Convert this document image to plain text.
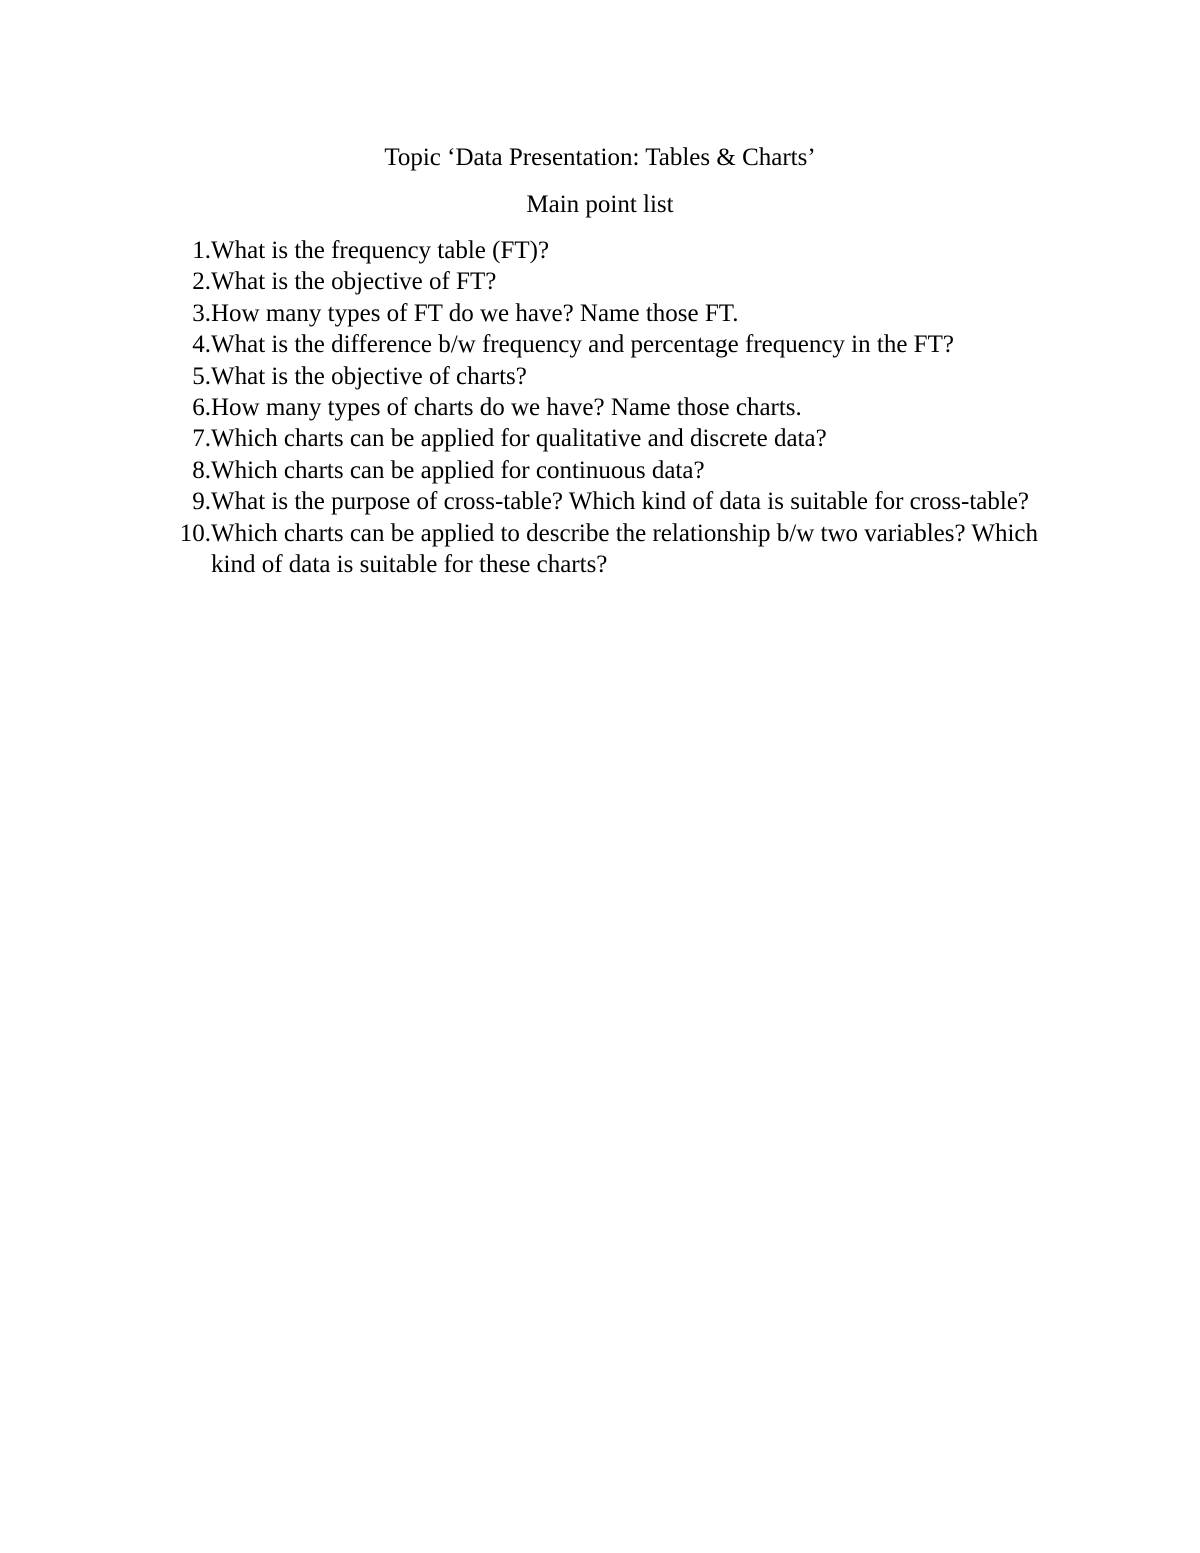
Topic ‘Data Presentation: Tables & Charts’
Main point list
1. What is the frequency table (FT)?
2. What is the objective of FT?
3. How many types of FT do we have? Name those FT.
4. What is the difference b/w frequency and percentage frequency in the FT?
5. What is the objective of charts?
6. How many types of charts do we have? Name those charts.
7. Which charts can be applied for qualitative and discrete data?
8. Which charts can be applied for continuous data?
9. What is the purpose of cross-table? Which kind of data is suitable for cross-table?
10. Which charts can be applied to describe the relationship b/w two variables? Which kind of data is suitable for these charts?
